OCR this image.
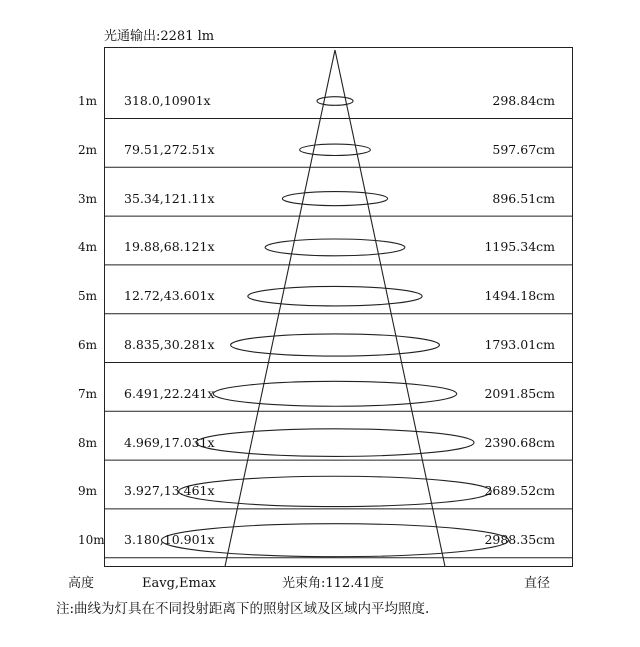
光通输出:2281 lm
1m 318.0,10901x	298.84cm
2m 79.51,272.51x	597.67cm
3m 35.34,121.11x	896.51cm
4m 19.88,68.121x	1195.34cm
5m 12.72,43.601x	1494.18cm
6m 8.835,30.281x	1793.01cm
7m 6.491,22.241x	2091.85cm
8m 4.969,17.031x	2390.68cm
9m 3.927,13.461x	2689.52cm
10m 3.180,10.901x	2988.35cm
高度	Eavg,Emax	光束角:112.41度	直径
注:曲线为灯具在不同投射距离下的照射区域及区域内平均照度.
